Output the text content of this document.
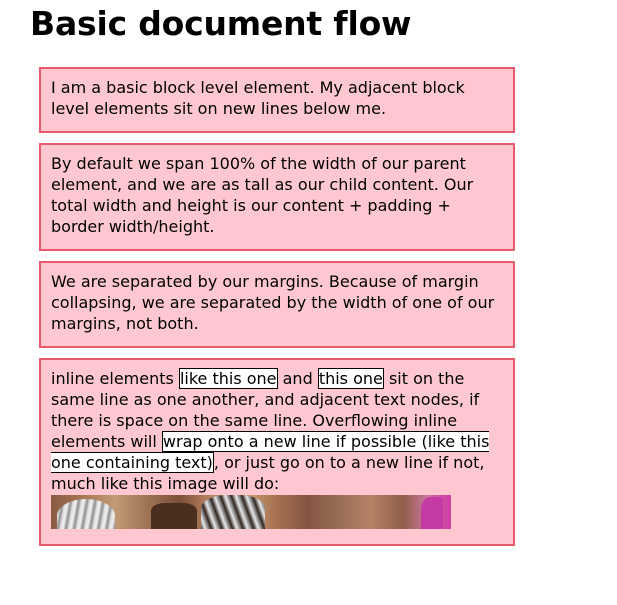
Basic document flow
I am a basic block level element. My adjacent block level elements sit on new lines below me.
By default we span 100% of the width of our parent element, and we are as tall as our child content. Our total width and height is our content + padding + border width/height.
We are separated by our margins. Because of margin collapsing, we are separated by the width of one of our margins, not both.
inline elements like this one and this one sit on the same line as one another, and adjacent text nodes, if there is space on the same line. Overflowing inline elements will wrap onto a new line if possible (like this one containing text), or just go on to a new line if not, much like this image will do:
